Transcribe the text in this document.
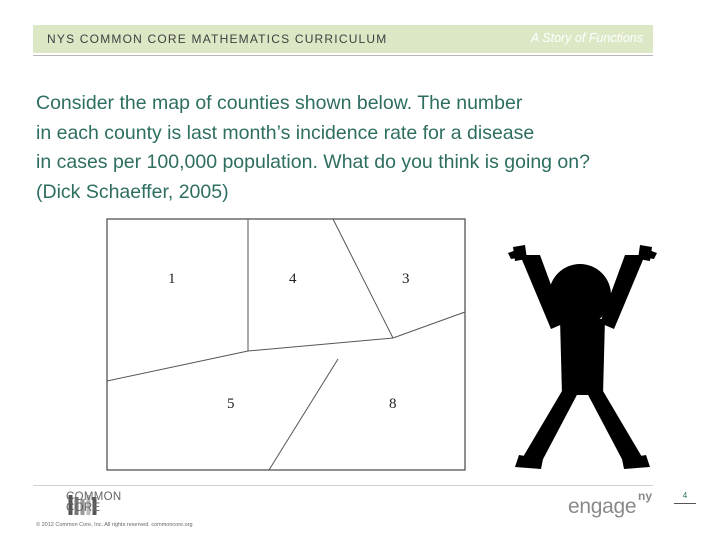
NYS COMMON CORE MATHEMATICS CURRICULUM	A Story of Functions

Consider the map of counties shown below. The number
in each county is last month’s incidence rate for a disease
in cases per 100,000 population. What do you think is going on?
(Dick Schaeffer, 2005)

1	4	3
5	8
COMMON
CORE
© 2012 Common Core, Inc. All rights reserved. commoncore.org
engage ny	4
